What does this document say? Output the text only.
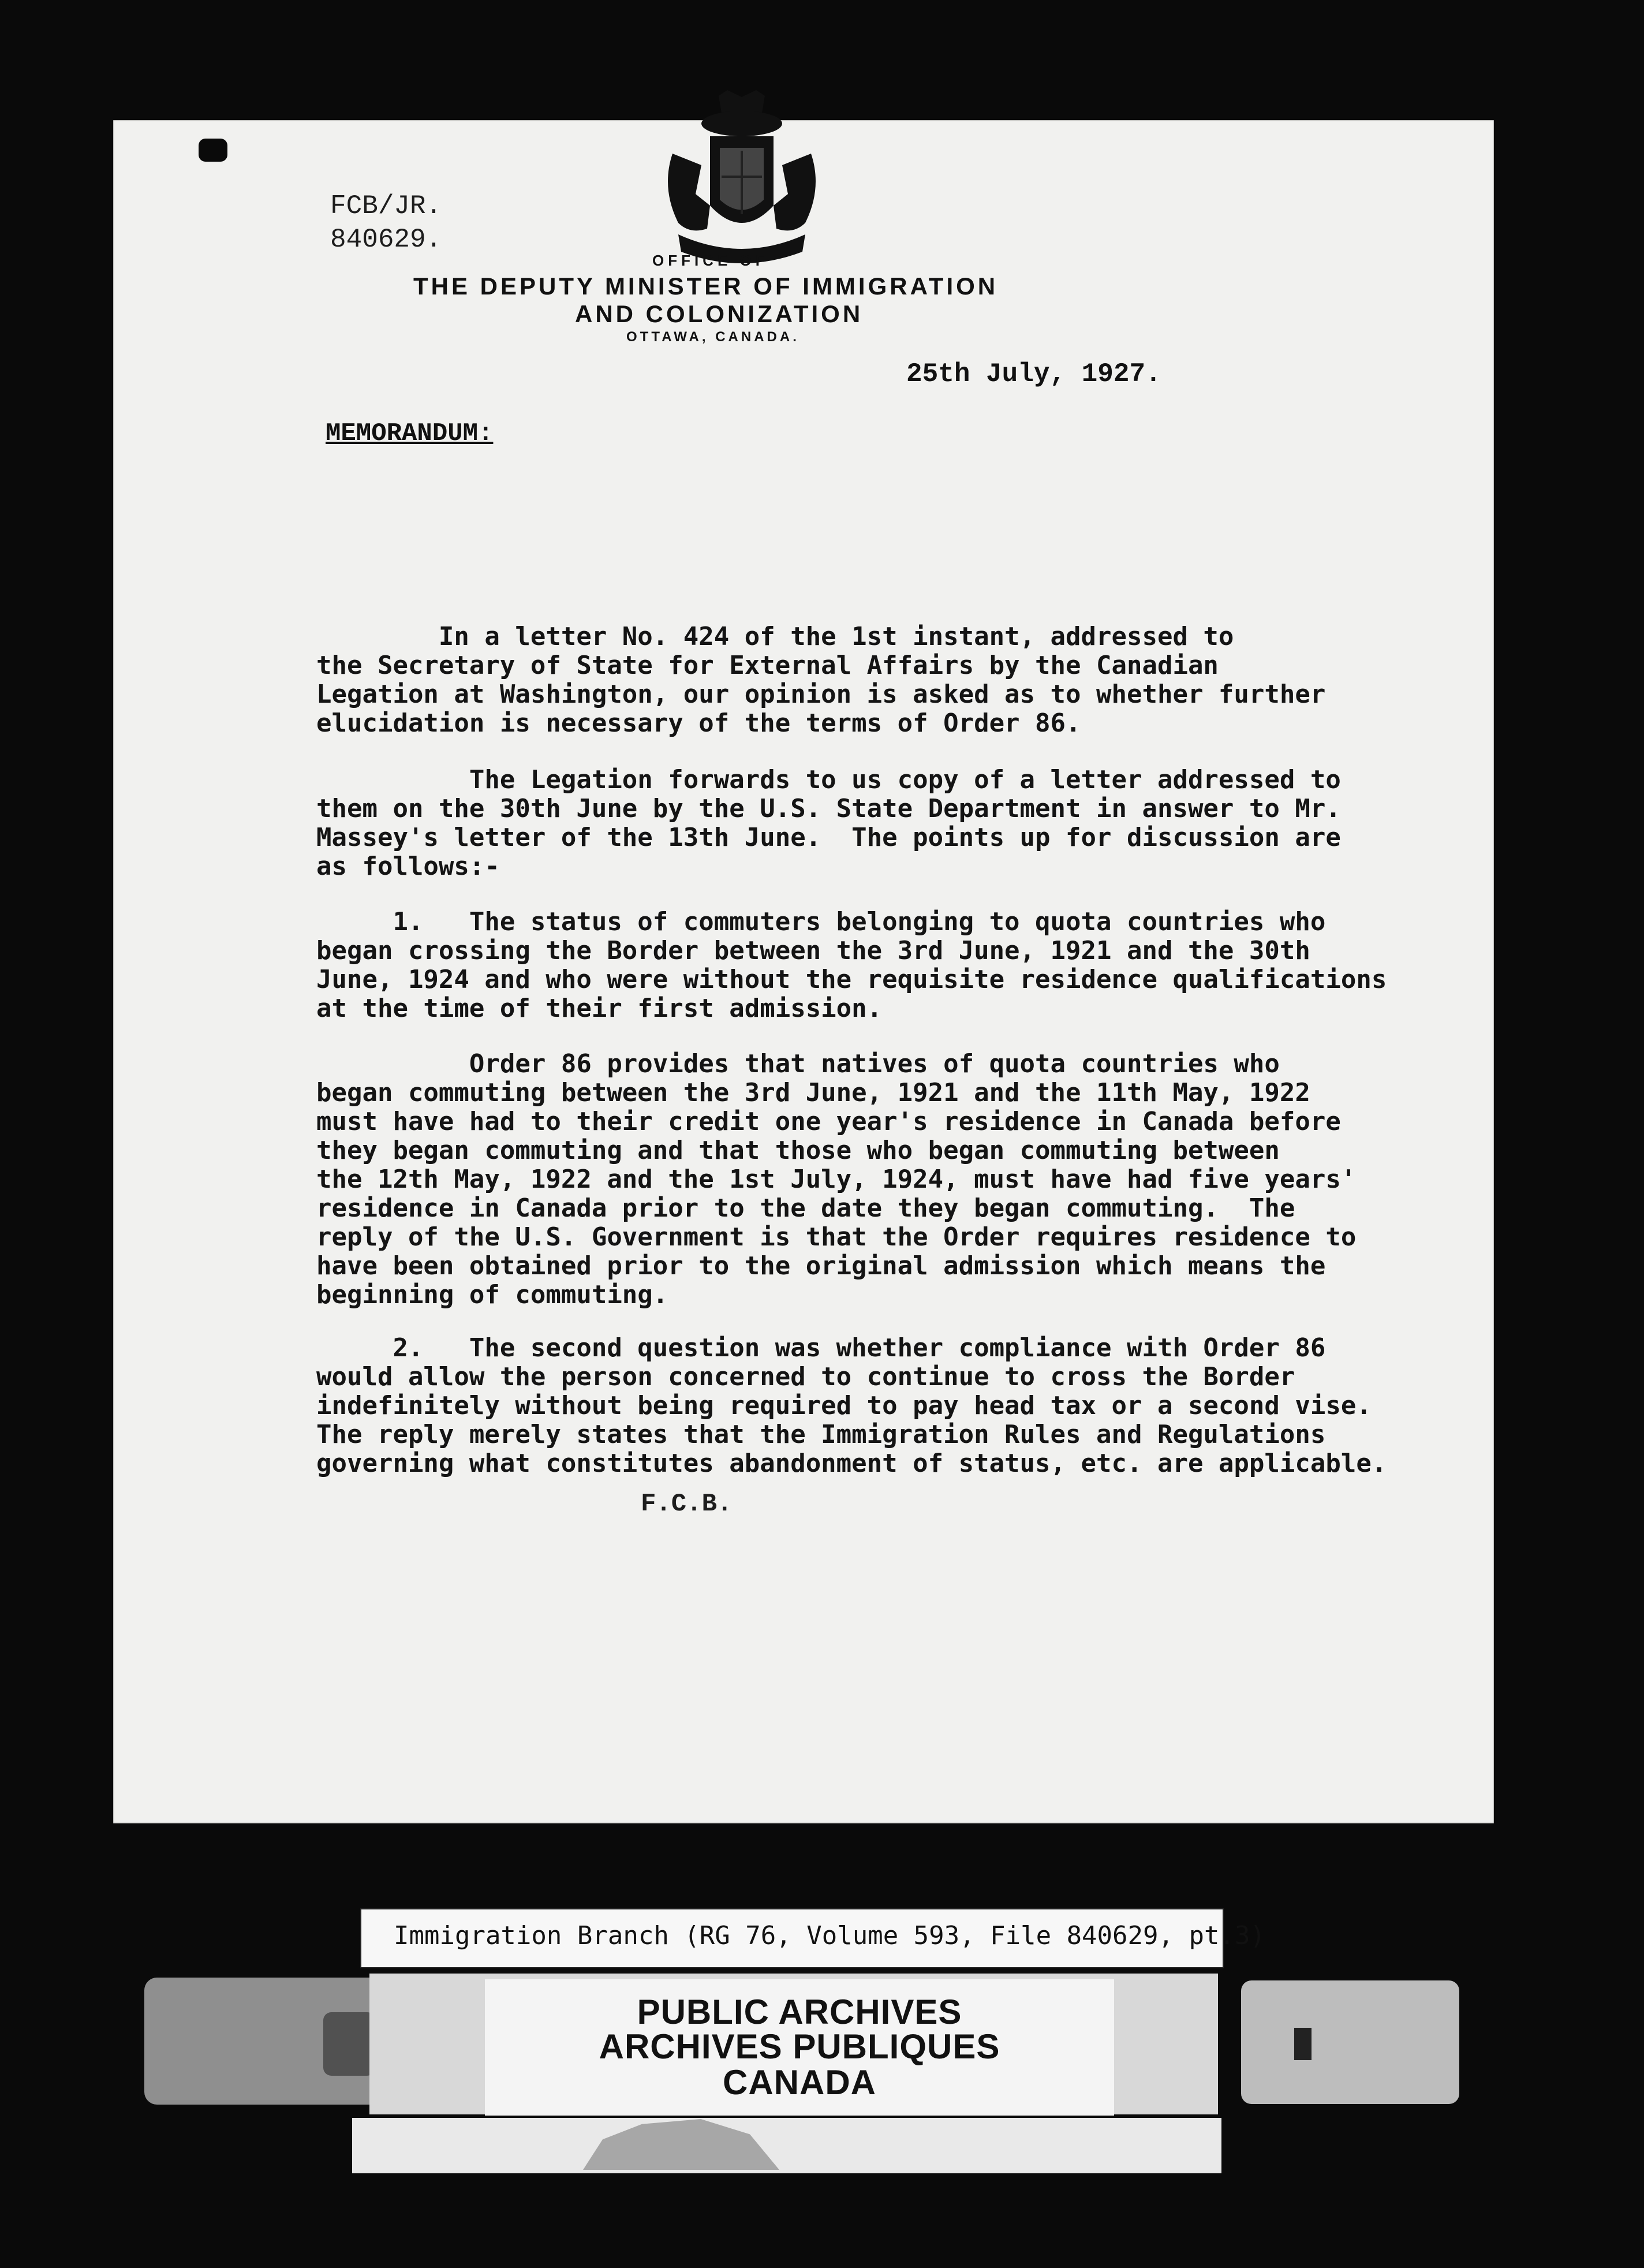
FCB/JR.
840629.
OFFICE OF
THE DEPUTY MINISTER OF IMMIGRATION
AND COLONIZATION
OTTAWA, CANADA.
25th July, 1927.
MEMORANDUM:
In a letter No. 424 of the 1st instant, addressed to
the Secretary of State for External Affairs by the Canadian
Legation at Washington, our opinion is asked as to whether further
elucidation is necessary of the terms of Order 86.
The Legation forwards to us copy of a letter addressed to
them on the 30th June by the U.S. State Department in answer to Mr.
Massey's letter of the 13th June.  The points up for discussion are
as follows:-
1.   The status of commuters belonging to quota countries who
began crossing the Border between the 3rd June, 1921 and the 30th
June, 1924 and who were without the requisite residence qualifications
at the time of their first admission.
Order 86 provides that natives of quota countries who
began commuting between the 3rd June, 1921 and the 11th May, 1922
must have had to their credit one year's residence in Canada before
they began commuting and that those who began commuting between
the 12th May, 1922 and the 1st July, 1924, must have had five years'
residence in Canada prior to the date they began commuting.  The
reply of the U.S. Government is that the Order requires residence to
have been obtained prior to the original admission which means the
beginning of commuting.
2.   The second question was whether compliance with Order 86
would allow the person concerned to continue to cross the Border
indefinitely without being required to pay head tax or a second vise.
The reply merely states that the Immigration Rules and Regulations
governing what constitutes abandonment of status, etc. are applicable.
F.C.B.
Immigration Branch (RG 76, Volume 593, File 840629, pt.3)
PUBLIC ARCHIVES
ARCHIVES PUBLIQUES
CANADA
